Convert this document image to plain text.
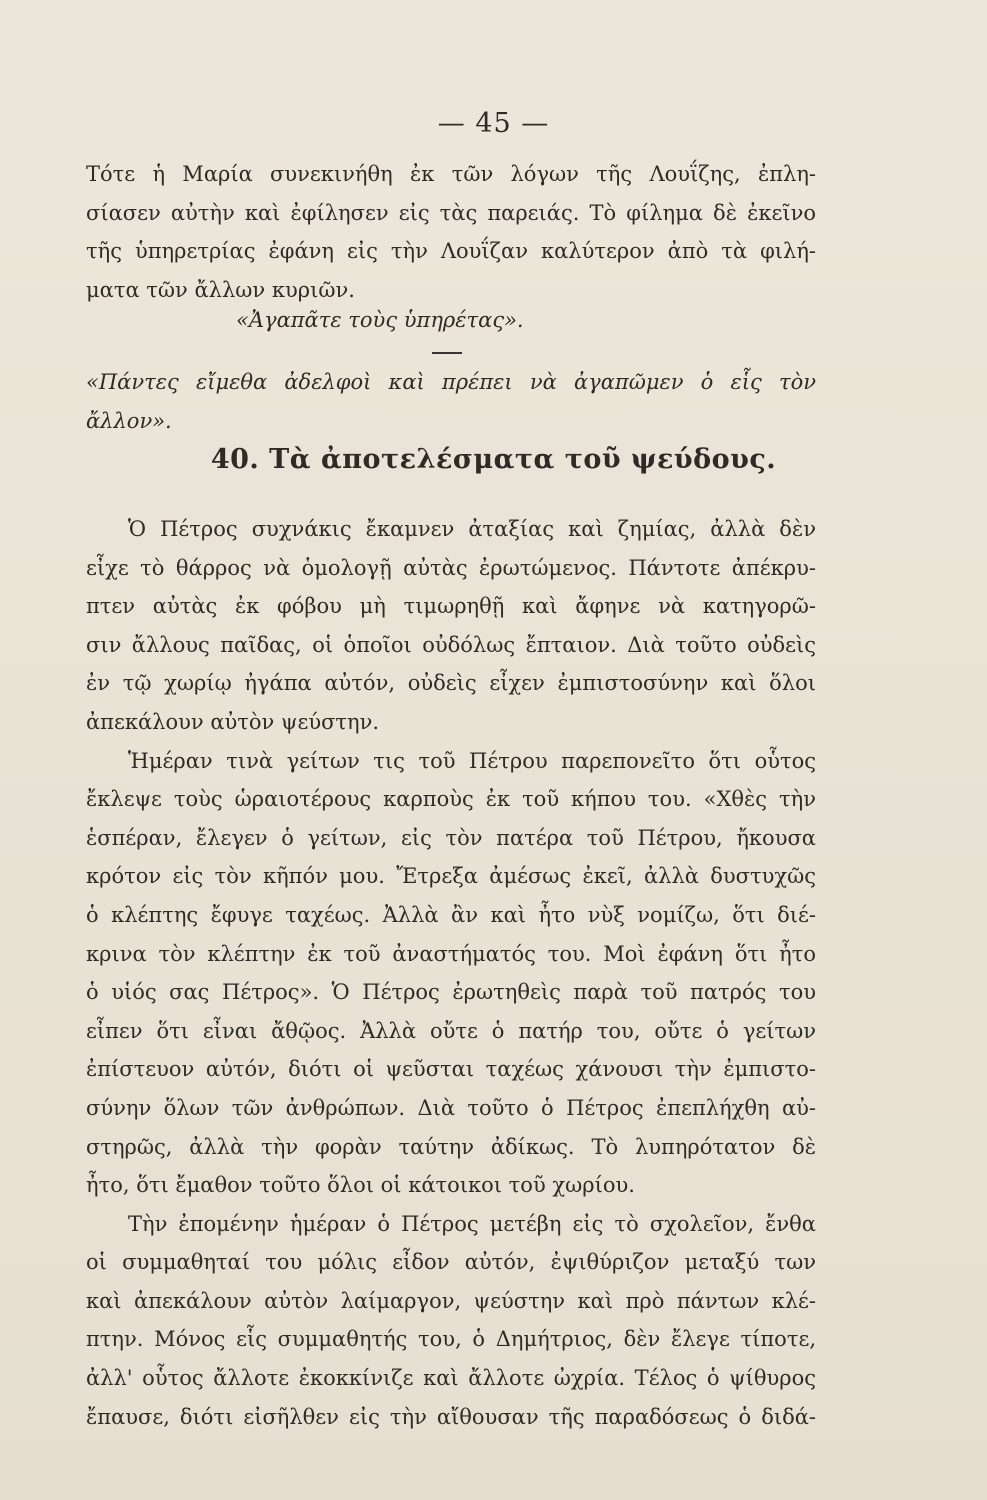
— 45 —
Τότε ἡ Μαρία συνεκινήθη ἐκ τῶν λόγων τῆς Λουΐζης, ἐπλη-
σίασεν αὐτὴν καὶ ἐφίλησεν εἰς τὰς παρειάς. Τὸ φίλημα δὲ ἐκεῖνο
τῆς ὑπηρετρίας ἐφάνη εἰς τὴν Λουΐζαν καλύτερον ἀπὸ τὰ φιλή-
ματα τῶν ἄλλων κυριῶν.
«Ἀγαπᾶτε τοὺς ὑπηρέτας».
«Πάντες εἴμεθα ἀδελφοὶ καὶ πρέπει νὰ ἀγαπῶμεν ὁ εἷς τὸν
ἄλλον».
40. Τὰ ἀποτελέσματα τοῦ ψεύδους.
Ὁ Πέτρος συχνάκις ἔκαμνεν ἀταξίας καὶ ζημίας, ἀλλὰ δὲν
εἶχε τὸ θάρρος νὰ ὁμολογῇ αὐτὰς ἐρωτώμενος. Πάντοτε ἀπέκρυ-
πτεν αὐτὰς ἐκ φόβου μὴ τιμωρηθῇ καὶ ἄφηνε νὰ κατηγορῶ-
σιν ἄλλους παῖδας, οἱ ὁποῖοι οὐδόλως ἔπταιον. Διὰ τοῦτο οὐδεὶς
ἐν τῷ χωρίῳ ἠγάπα αὐτόν, οὐδεὶς εἶχεν ἐμπιστοσύνην καὶ ὅλοι
ἀπεκάλουν αὐτὸν ψεύστην.
Ἡμέραν τινὰ γείτων τις τοῦ Πέτρου παρεπονεῖτο ὅτι οὗτος
ἔκλεψε τοὺς ὡραιοτέρους καρποὺς ἐκ τοῦ κήπου του. «Χθὲς τὴν
ἑσπέραν, ἔλεγεν ὁ γείτων, εἰς τὸν πατέρα τοῦ Πέτρου, ἤκουσα
κρότον εἰς τὸν κῆπόν μου. Ἔτρεξα ἀμέσως ἐκεῖ, ἀλλὰ δυστυχῶς
ὁ κλέπτης ἔφυγε ταχέως. Ἀλλὰ ἂν καὶ ἦτο νὺξ νομίζω, ὅτι διέ-
κρινα τὸν κλέπτην ἐκ τοῦ ἀναστήματός του. Μοὶ ἐφάνη ὅτι ἦτο
ὁ υἱός σας Πέτρος». Ὁ Πέτρος ἐρωτηθεὶς παρὰ τοῦ πατρός του
εἶπεν ὅτι εἶναι ἄθῷος. Ἀλλὰ οὔτε ὁ πατήρ του, οὔτε ὁ γείτων
ἐπίστευον αὐτόν, διότι οἱ ψεῦσται ταχέως χάνουσι τὴν ἐμπιστο-
σύνην ὅλων τῶν ἀνθρώπων. Διὰ τοῦτο ὁ Πέτρος ἐπεπλήχθη αὐ-
στηρῶς, ἀλλὰ τὴν φορὰν ταύτην ἀδίκως. Τὸ λυπηρότατον δὲ
ἦτο, ὅτι ἔμαθον τοῦτο ὅλοι οἱ κάτοικοι τοῦ χωρίου.
Τὴν ἐπομένην ἡμέραν ὁ Πέτρος μετέβη εἰς τὸ σχολεῖον, ἔνθα
οἱ συμμαθηταί του μόλις εἶδον αὐτόν, ἐψιθύριζον μεταξύ των
καὶ ἀπεκάλουν αὐτὸν λαίμαργον, ψεύστην καὶ πρὸ πάντων κλέ-
πτην. Μόνος εἷς συμμαθητής του, ὁ Δημήτριος, δὲν ἔλεγε τίποτε,
ἀλλ' οὗτος ἄλλοτε ἐκοκκίνιζε καὶ ἄλλοτε ὠχρία. Τέλος ὁ ψίθυρος
ἔπαυσε, διότι εἰσῆλθεν εἰς τὴν αἴθουσαν τῆς παραδόσεως ὁ διδά-
